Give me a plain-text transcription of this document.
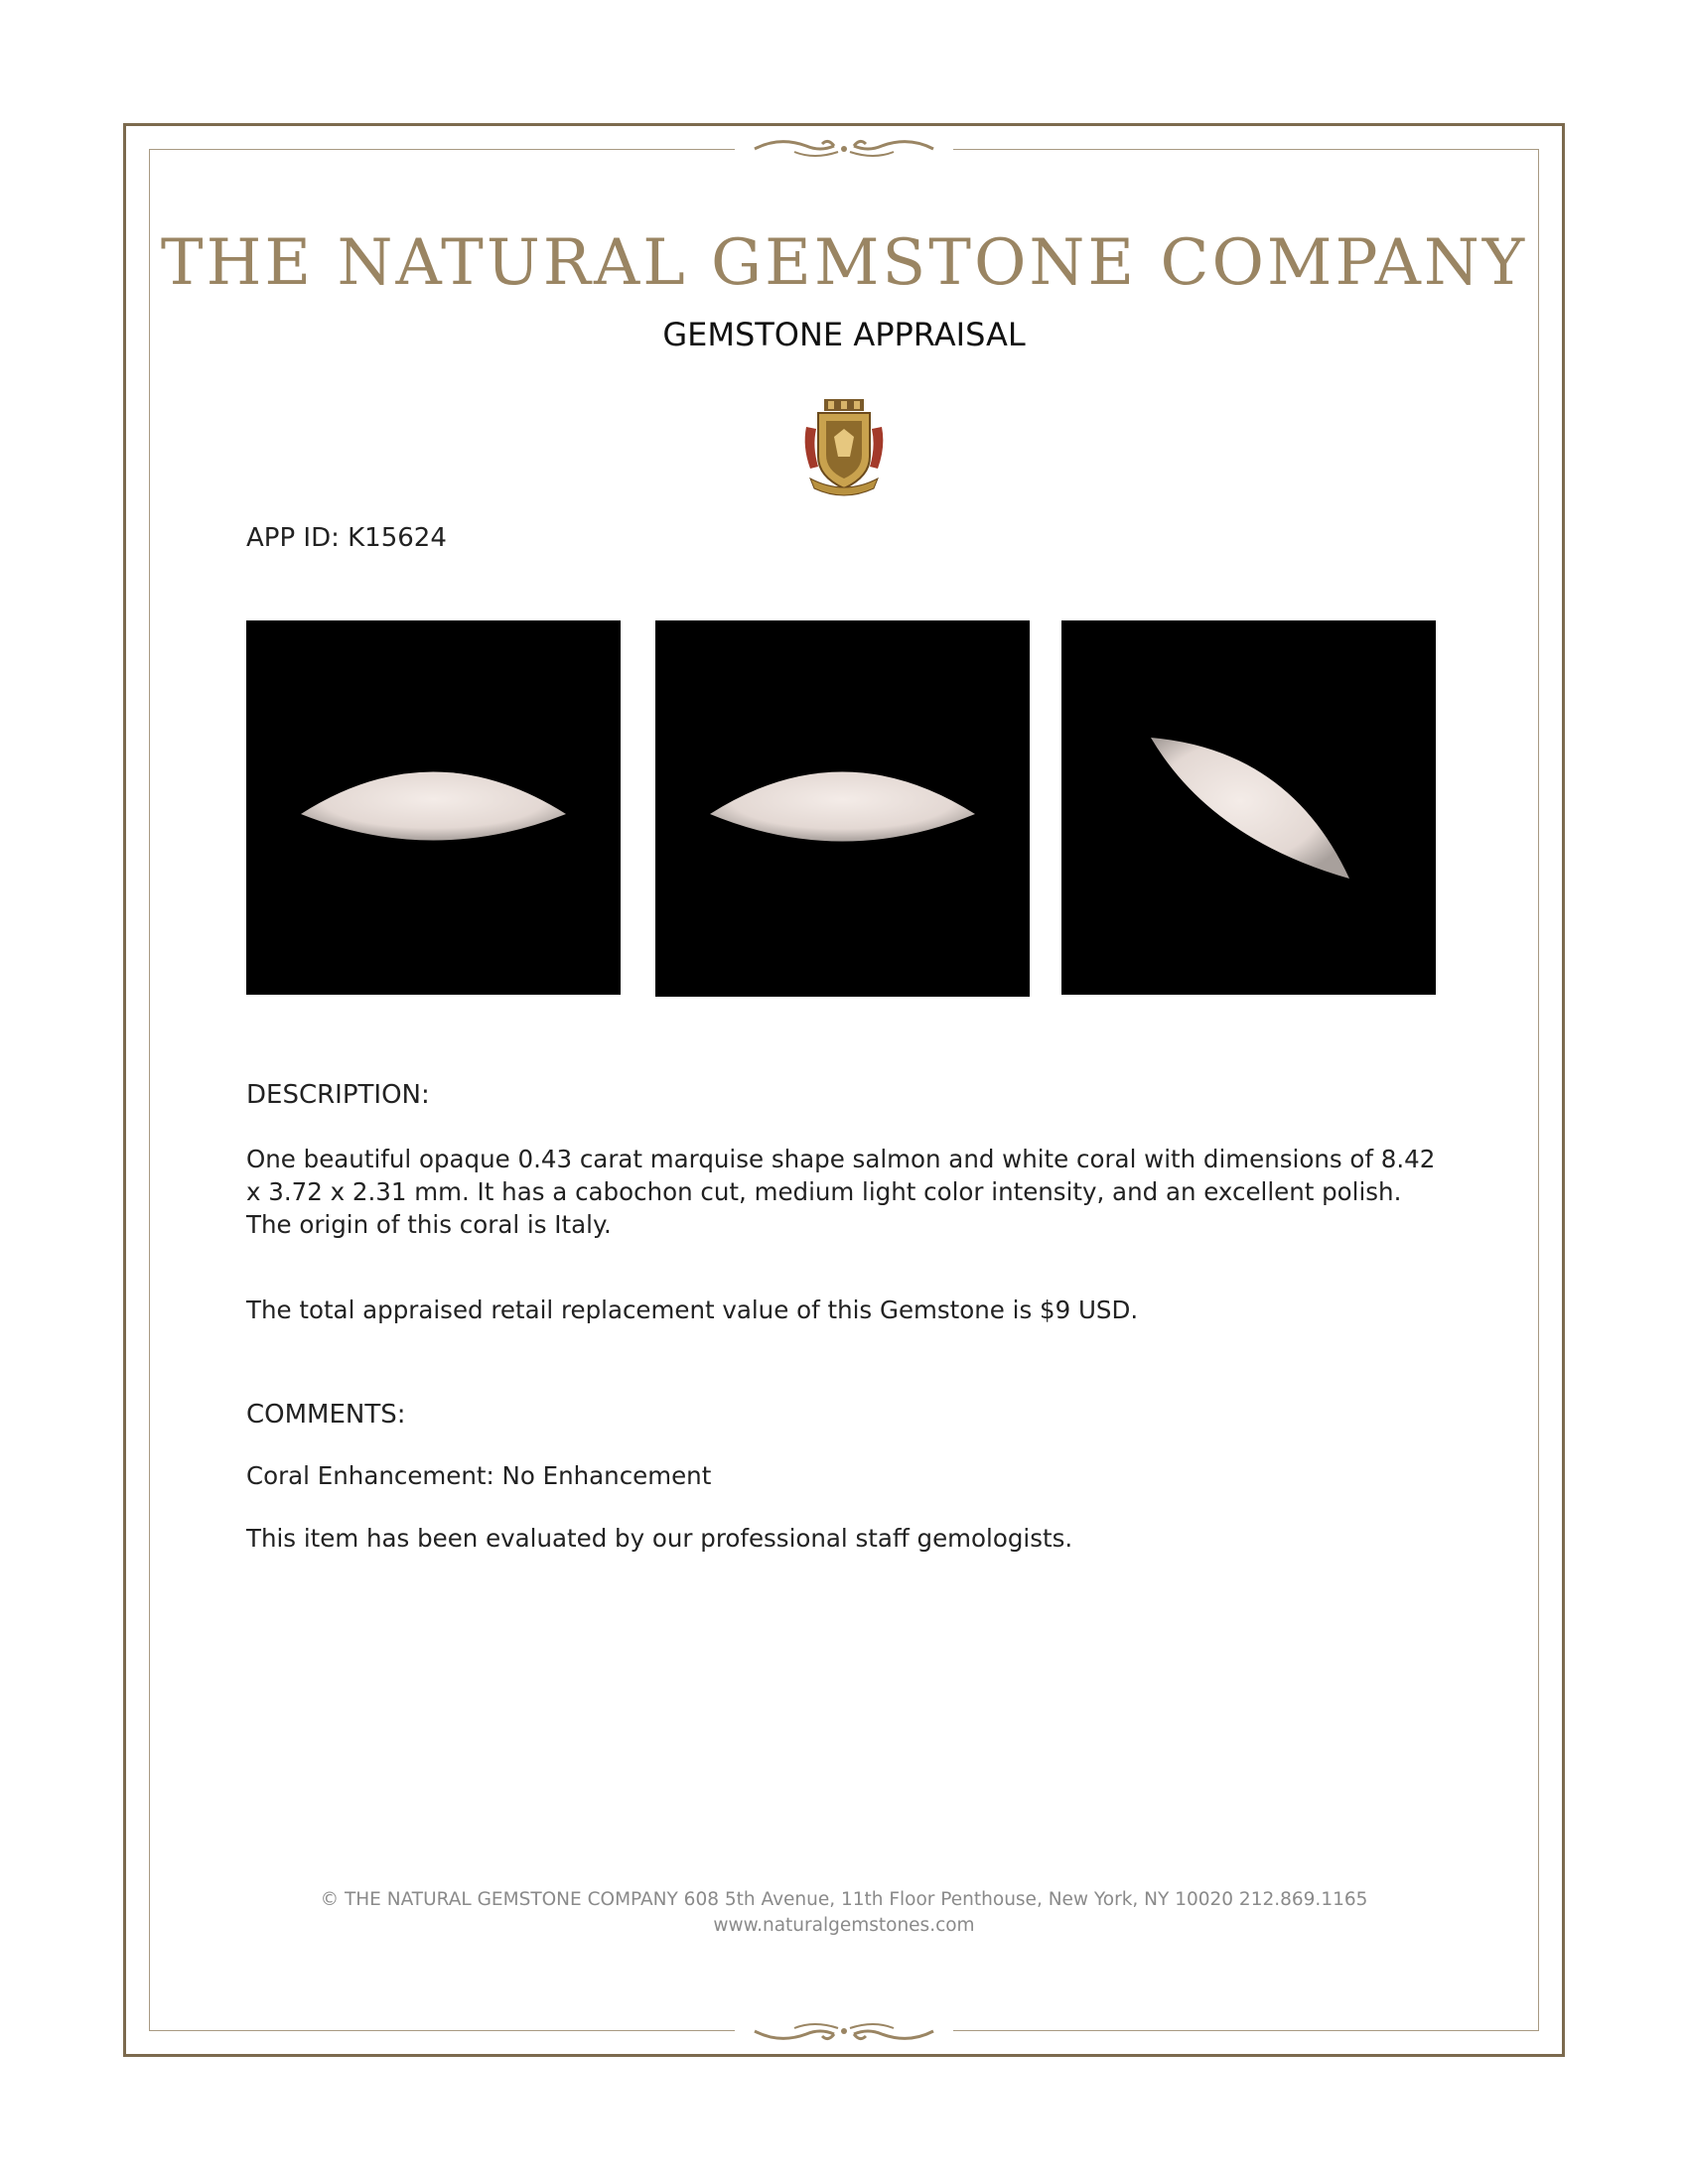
THE NATURAL GEMSTONE COMPANY
GEMSTONE APPRAISAL
APP ID: K15624
DESCRIPTION:
One beautiful opaque 0.43 carat marquise shape salmon and white coral with dimensions of 8.42 x 3.72 x 2.31 mm. It has a cabochon cut, medium light color intensity, and an excellent polish. The origin of this coral is Italy.
The total appraised retail replacement value of this Gemstone is $9 USD.
COMMENTS:
Coral Enhancement: No Enhancement
This item has been evaluated by our professional staff gemologists.
© THE NATURAL GEMSTONE COMPANY 608 5th Avenue, 11th Floor Penthouse, New York, NY 10020 212.869.1165
www.naturalgemstones.com
